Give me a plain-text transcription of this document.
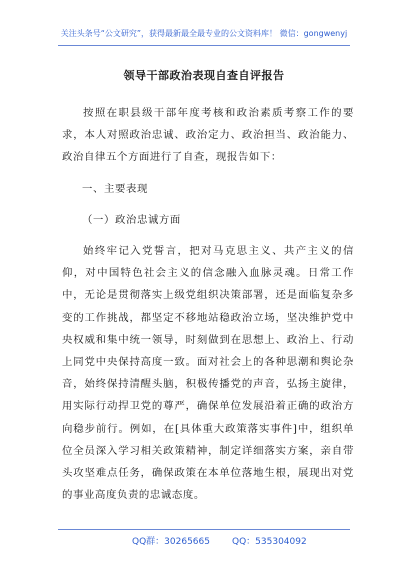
关注头条号“公文研究”，获得最新最全最专业的公文资料库！ 微信：gongwenyj
领导干部政治表现自查自评报告

按照在职县级干部年度考核和政治素质考察工作的要求，本人对照政治忠诚、政治定力、政治担当、政治能力、政治自律五个方面进行了自查，现报告如下：

一、主要表现
（一）政治忠诚方面

始终牢记入党誓言，把对马克思主义、共产主义的信仰，对中国特色社会主义的信念融入血脉灵魂。日常工作中，无论是贯彻落实上级党组织决策部署，还是面临复杂多变的工作挑战，都坚定不移地站稳政治立场，坚决维护党中央权威和集中统一领导，时刻做到在思想上、政治上、行动上同党中央保持高度一致。面对社会上的各种思潮和舆论杂音，始终保持清醒头脑，积极传播党的声音，弘扬主旋律，用实际行动捍卫党的尊严，确保单位发展沿着正确的政治方向稳步前行。例如，在[具体重大政策落实事件]中，组织单位全员深入学习相关政策精神，制定详细落实方案，亲自带头攻坚难点任务，确保政策在本单位落地生根，展现出对党的事业高度负责的忠诚态度。

QQ群：30265665 QQ：535304092
